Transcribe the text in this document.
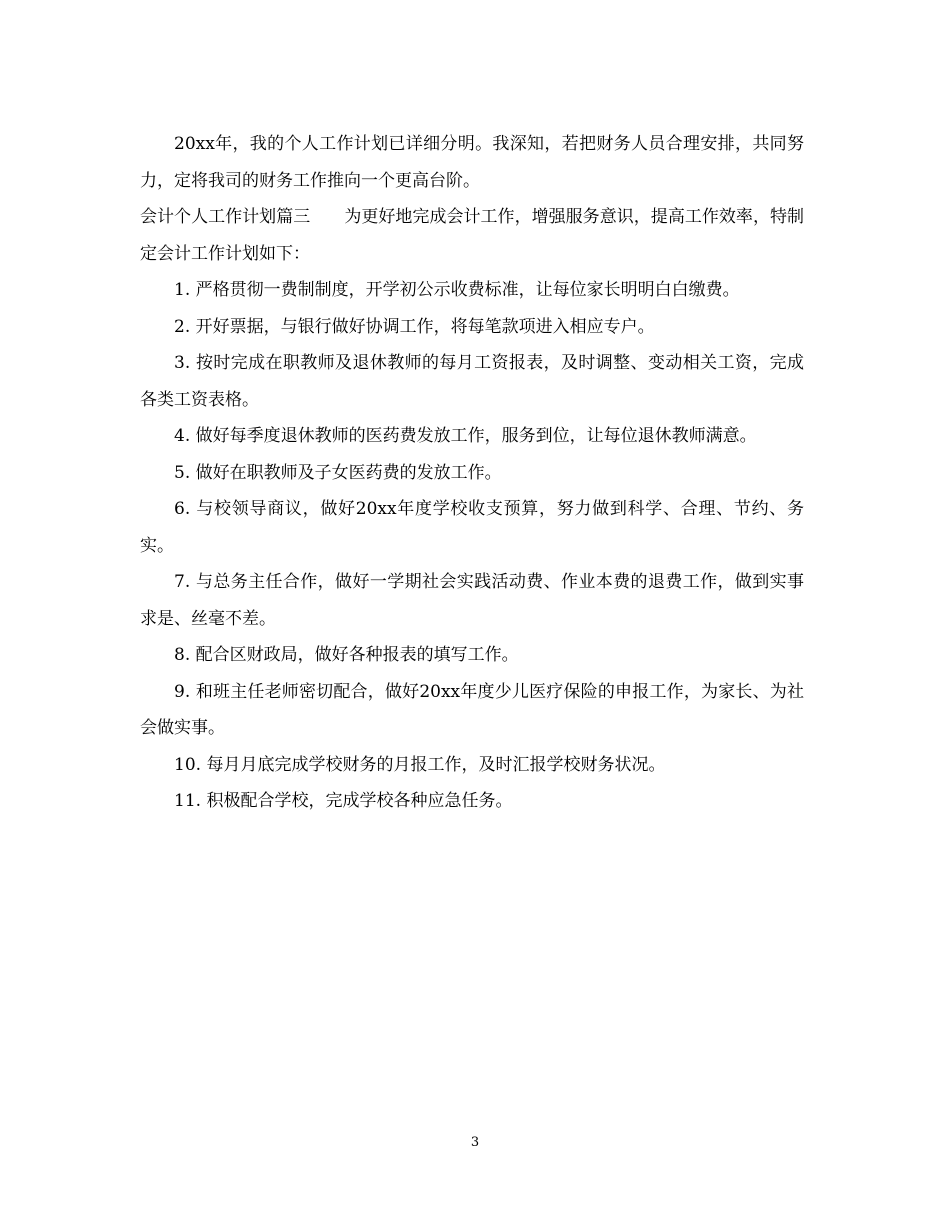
20xx年，我的个人工作计划已详细分明。我深知，若把财务人员合理安排，共同努力，定将我司的财务工作推向一个更高台阶。

会计个人工作计划篇三　　为更好地完成会计工作，增强服务意识，提高工作效率，特制定会计工作计划如下：

1. 严格贯彻一费制制度，开学初公示收费标准，让每位家长明明白白缴费。

2. 开好票据，与银行做好协调工作，将每笔款项进入相应专户。

3. 按时完成在职教师及退休教师的每月工资报表，及时调整、变动相关工资，完成各类工资表格。

4. 做好每季度退休教师的医药费发放工作，服务到位，让每位退休教师满意。

5. 做好在职教师及子女医药费的发放工作。

6. 与校领导商议，做好20xx年度学校收支预算，努力做到科学、合理、节约、务实。

7. 与总务主任合作，做好一学期社会实践活动费、作业本费的退费工作，做到实事求是、丝毫不差。

8. 配合区财政局，做好各种报表的填写工作。

9. 和班主任老师密切配合，做好20xx年度少儿医疗保险的申报工作，为家长、为社会做实事。

10. 每月月底完成学校财务的月报工作，及时汇报学校财务状况。

11. 积极配合学校，完成学校各种应急任务。

3
